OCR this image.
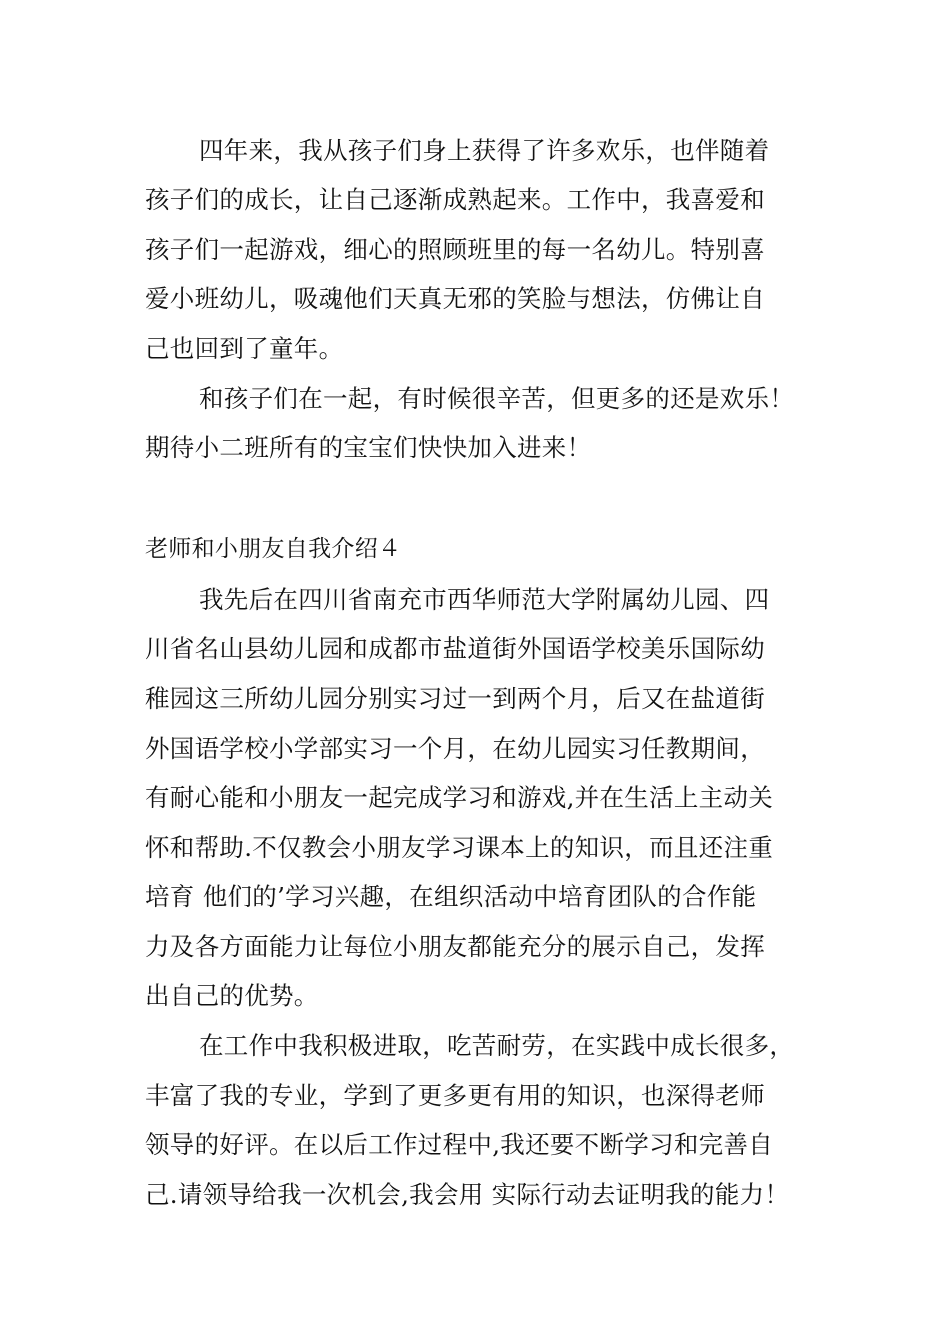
四年来，我从孩子们身上获得了许多欢乐，也伴随着
孩子们的成长，让自己逐渐成熟起来。工作中，我喜爱和
孩子们一起游戏，细心的照顾班里的每一名幼儿。特别喜
爱小班幼儿，吸魂他们天真无邪的笑脸与想法，仿佛让自
己也回到了童年。
和孩子们在一起，有时候很辛苦，但更多的还是欢乐！
期待小二班所有的宝宝们快快加入进来！
老师和小朋友自我介绍４
我先后在四川省南充市西华师范大学附属幼儿园、四
川省名山县幼儿园和成都市盐道街外国语学校美乐国际幼
稚园这三所幼儿园分别实习过一到两个月，后又在盐道街
外国语学校小学部实习一个月，在幼儿园实习任教期间，
有耐心能和小朋友一起完成学习和游戏,并在生活上主动关
怀和帮助.不仅教会小朋友学习课本上的知识，而且还注重
培育 他们的’学习兴趣，在组织活动中培育团队的合作能
力及各方面能力让每位小朋友都能充分的展示自己，发挥
出自己的优势。
在工作中我积极进取，吃苦耐劳，在实践中成长很多，
丰富了我的专业，学到了更多更有用的知识，也深得老师
领导的好评。在以后工作过程中,我还要不断学习和完善自
己.请领导给我一次机会,我会用 实际行动去证明我的能力！
